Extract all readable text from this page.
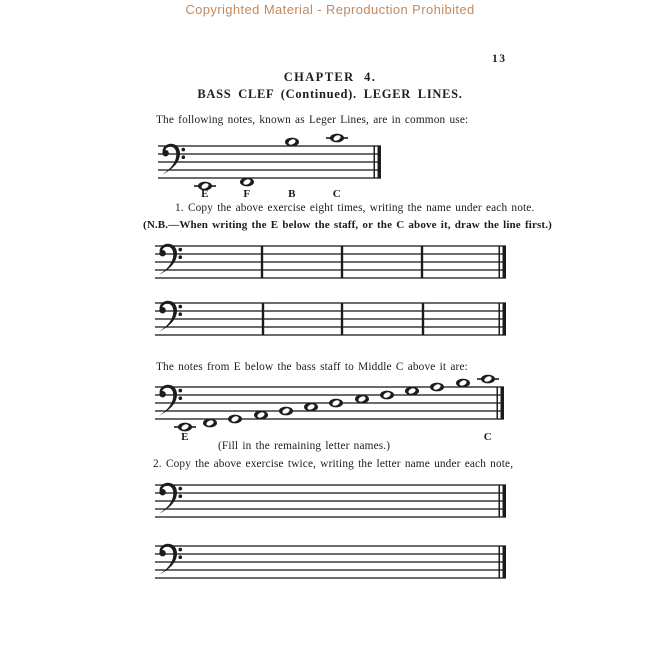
Copyrighted Material - Reproduction Prohibited

13

CHAPTER 4.

BASS CLEF (Continued). LEGER LINES.

The following notes, known as Leger Lines, are in common use:

1. Copy the above exercise eight times, writing the name under each note.

(N.B.—When writing the E below the staff, or the C above it, draw the line first.)

The notes from E below the bass staff to Middle C above it are:

(Fill in the remaining letter names.)

2. Copy the above exercise twice, writing the letter name under each note,

E	F	B	C
E	C
